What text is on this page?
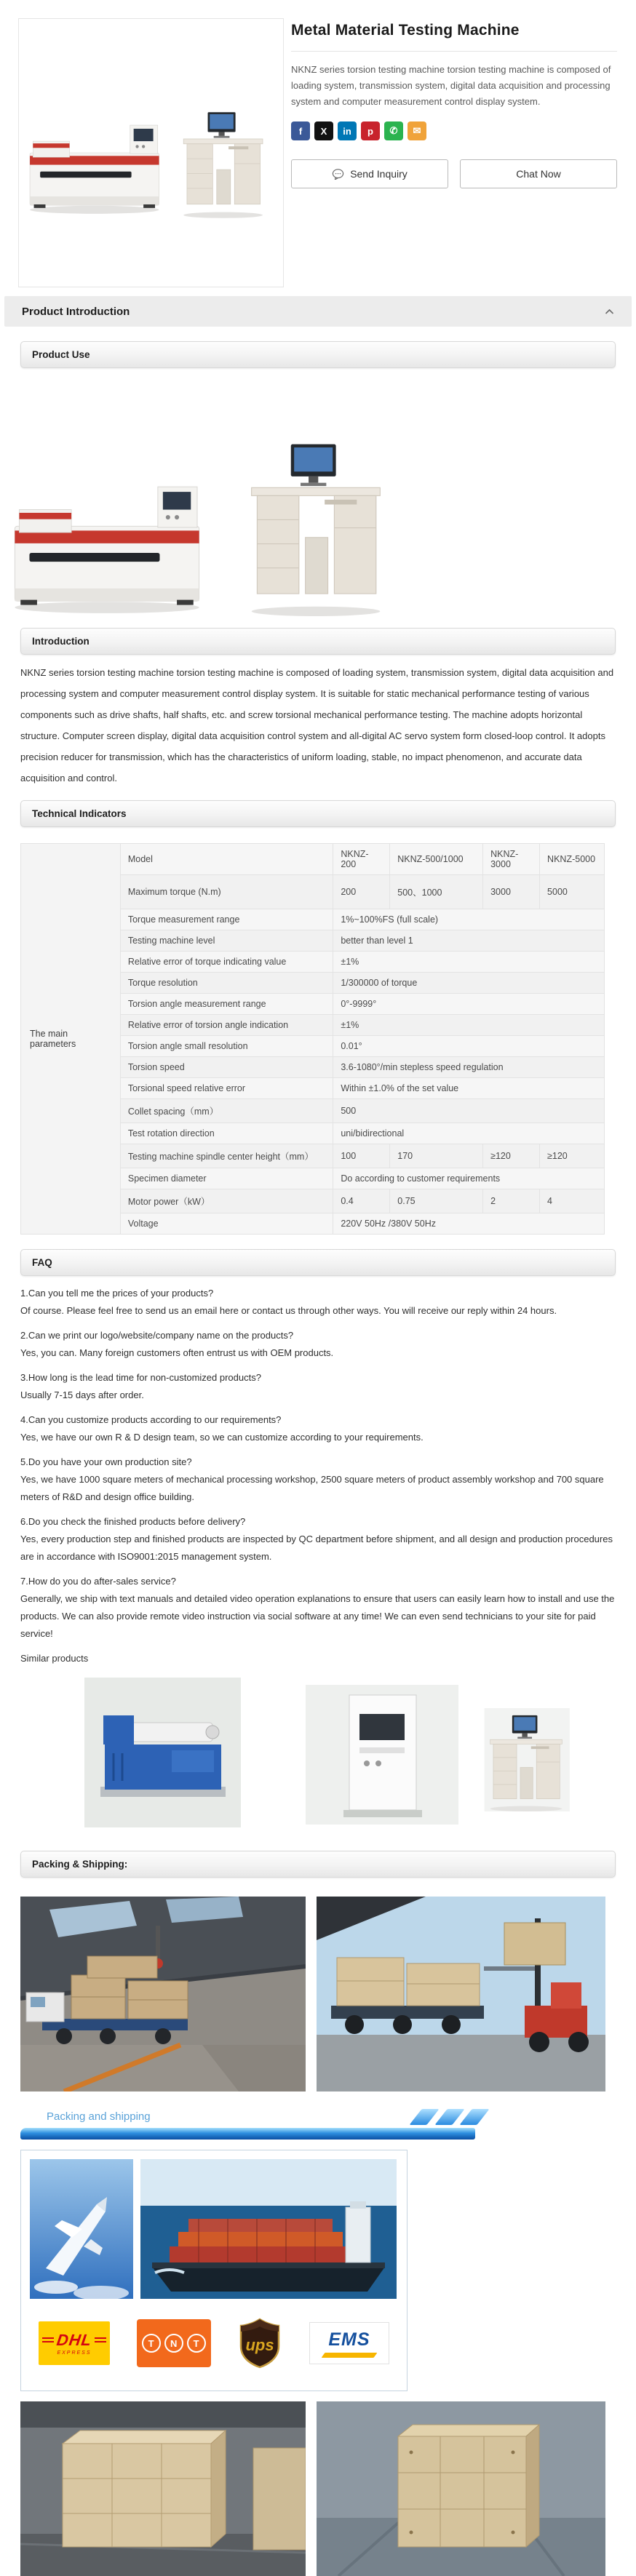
Metal Material Testing Machine
NKNZ series torsion testing machine torsion testing machine is composed of loading system, transmission system, digital data acquisition and processing system and computer measurement control display system.
f	X	in	p	✆	✉
Send Inquiry	Chat Now
Product Introduction
Product Use
Introduction
NKNZ series torsion testing machine torsion testing machine is composed of loading system, transmission system, digital data acquisition and processing system and computer measurement control display system. It is suitable for static mechanical performance testing of various components such as drive shafts, half shafts, etc. and screw torsional mechanical performance testing. The machine adopts horizontal structure. Computer screen display, digital data acquisition control system and all-digital AC servo system form closed-loop control. It adopts precision reducer for transmission, which has the characteristics of uniform loading, stable, no impact phenomenon, and accurate data acquisition and control.
Technical Indicators
The main parameters	Model	NKNZ-200	NKNZ-500/1000	NKNZ-3000	NKNZ-5000
	Maximum torque (N.m)	200	500、1000	3000	5000
	Torque measurement range	1%~100%FS (full scale)			
	Testing machine level	better than level 1			
	Relative error of torque indicating value	±1%			
	Torque resolution	1/300000 of torque			
	Torsion angle measurement range	0°-9999°			
	Relative error of torsion angle indication	±1%			
	Torsion angle small resolution	0.01°			
	Torsion speed	3.6-1080°/min stepless speed regulation			
	Torsional speed relative error	Within ±1.0% of the set value			
	Collet spacing（mm）	500			
	Test rotation direction	uni/bidirectional			
	Testing machine spindle center height（mm）	100	170	≥120	≥120
	Specimen diameter	Do according to customer requirements			
	Motor power（kW）	0.4	0.75	2	4
	Voltage	220V 50Hz /380V 50Hz			
FAQ
1.Can you tell me the prices of your products?
Of course. Please feel free to send us an email here or contact us through other ways. You will receive our reply within 24 hours.
2.Can we print our logo/website/company name on the products?
Yes, you can. Many foreign customers often entrust us with OEM products.
3.How long is the lead time for non-customized products?
Usually 7-15 days after order.
4.Can you customize products according to our requirements?
Yes, we have our own R & D design team, so we can customize according to your requirements.
5.Do you have your own production site?
Yes, we have 1000 square meters of mechanical processing workshop, 2500 square meters of product assembly workshop and 700 square meters of R&D and design office building.
6.Do you check the finished products before delivery?
Yes, every production step and finished products are inspected by QC department before shipment, and all design and production procedures are in accordance with ISO9001:2015 management system.
7.How do you do after-sales service?
Generally, we ship with text manuals and detailed video operation explanations to ensure that users can easily learn how to install and use the products. We can also provide remote video instruction via social software at any time! We can even send technicians to your site for paid service!
Similar products
Packing & Shipping:
Packing and shipping
DHL
EXPRESS
T	N	T	ups	EMS
